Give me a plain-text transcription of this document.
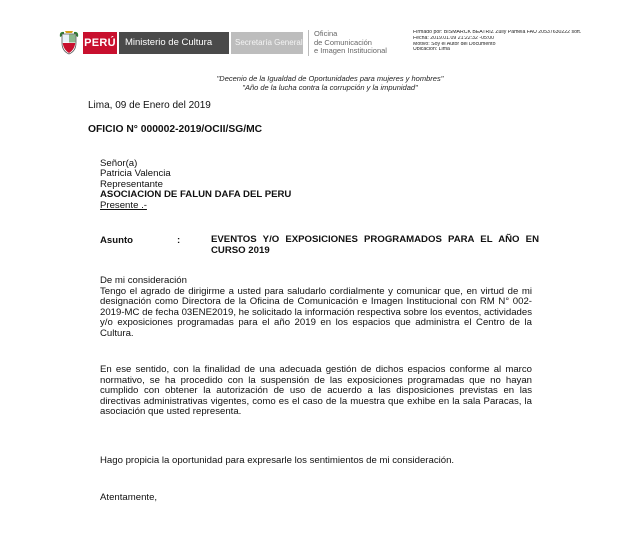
PERÚ Ministerio de Cultura	Secretaría General
Oficina
de Comunicación
e Imagen Institucional
Firmado por: BISMARCK BEATRIZ Zully Pamela FAU 20537630222 soft.
Fecha: 2019.01.09 21:22:32 -05:00
Motivo: Soy el Autor del Documento
Ubicación: Lima
"Decenio de la Igualdad de Oportunidades para mujeres y hombres"
"Año de la lucha contra la corrupción y la impunidad"
Lima, 09 de Enero del 2019
OFICIO N° 000002-2019/OCII/SG/MC
Señor(a)
Patricia Valencia
Representante
ASOCIACION DE FALUN DAFA DEL PERU
Presente .-
Asunto	:	EVENTOS Y/O EXPOSICIONES PROGRAMADOS PARA EL AÑO EN CURSO 2019
De mi consideración
Tengo el agrado de dirigirme a usted para saludarlo cordialmente y comunicar que, en virtud de mi designación como Directora de la Oficina de Comunicación e Imagen Institucional con RM N° 002-2019-MC de fecha 03ENE2019, he solicitado la información respectiva sobre los eventos, actividades y/o exposiciones programadas para el año 2019 en los espacios que administra el Centro de la Cultura.
En ese sentido, con la finalidad de una adecuada gestión de dichos espacios conforme al marco normativo, se ha procedido con la suspensión de las exposiciones programadas que no hayan cumplido con obtener la autorización de uso de acuerdo a las disposiciones previstas en las directivas administrativas vigentes, como es el caso de la muestra que exhibe en la sala Paracas, la asociación que usted representa.
Hago propicia la oportunidad para expresarle los sentimientos de mi consideración.
Atentamente,
